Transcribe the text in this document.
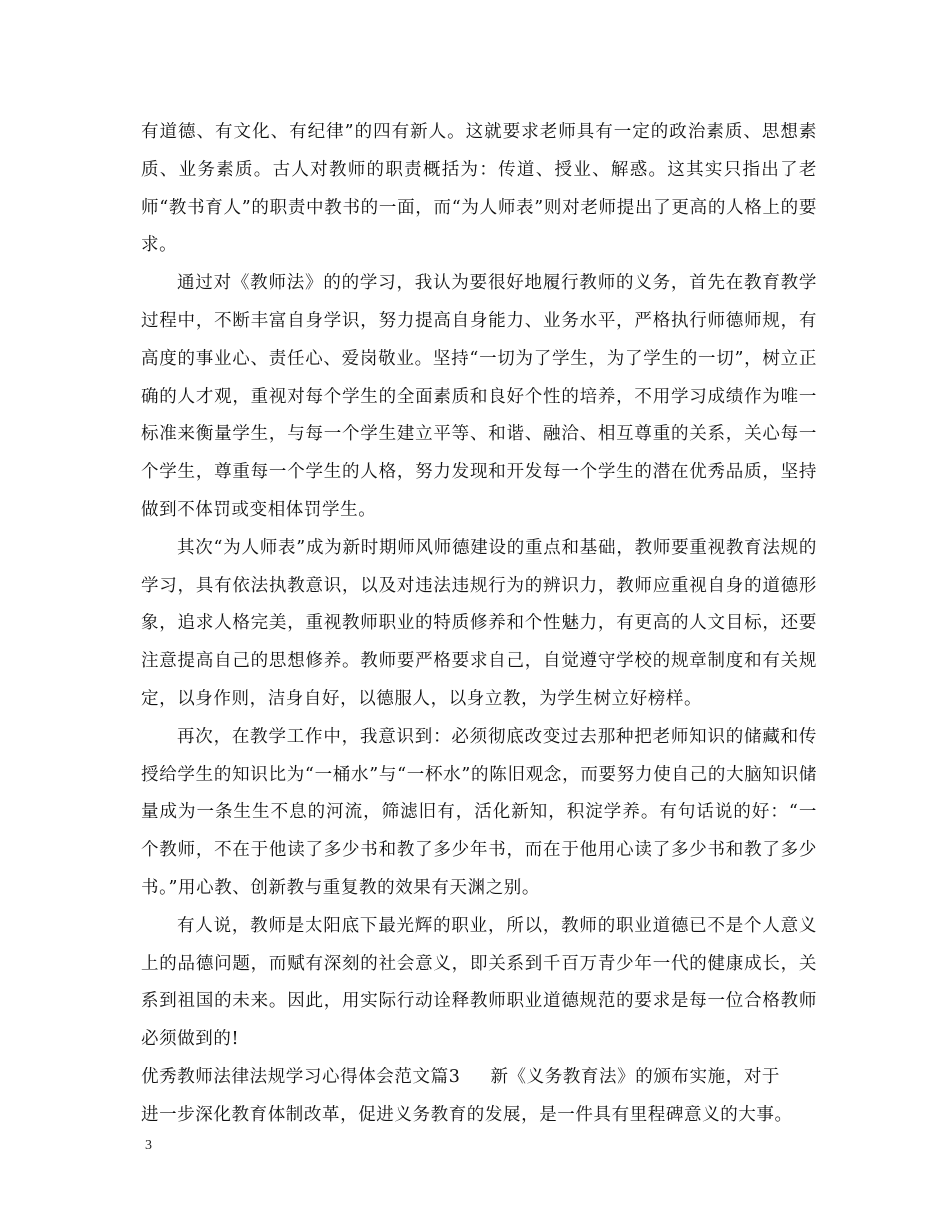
有道德、有文化、有纪律”的四有新人。这就要求老师具有一定的政治素质、思想素质、业务素质。古人对教师的职责概括为：传道、授业、解惑。这其实只指出了老师“教书育人”的职责中教书的一面，而“为人师表”则对老师提出了更高的人格上的要求。

通过对《教师法》的的学习，我认为要很好地履行教师的义务，首先在教育教学过程中，不断丰富自身学识，努力提高自身能力、业务水平，严格执行师德师规，有高度的事业心、责任心、爱岗敬业。坚持“一切为了学生，为了学生的一切”，树立正确的人才观，重视对每个学生的全面素质和良好个性的培养，不用学习成绩作为唯一标准来衡量学生，与每一个学生建立平等、和谐、融洽、相互尊重的关系，关心每一个学生，尊重每一个学生的人格，努力发现和开发每一个学生的潜在优秀品质，坚持做到不体罚或变相体罚学生。

其次“为人师表”成为新时期师风师德建设的重点和基础，教师要重视教育法规的学习，具有依法执教意识，以及对违法违规行为的辨识力，教师应重视自身的道德形象，追求人格完美，重视教师职业的特质修养和个性魅力，有更高的人文目标，还要注意提高自己的思想修养。教师要严格要求自己，自觉遵守学校的规章制度和有关规定，以身作则，洁身自好，以德服人，以身立教，为学生树立好榜样。

再次，在教学工作中，我意识到：必须彻底改变过去那种把老师知识的储藏和传授给学生的知识比为“一桶水”与“一杯水”的陈旧观念，而要努力使自己的大脑知识储量成为一条生生不息的河流，筛滤旧有，活化新知，积淀学养。有句话说的好：“一个教师，不在于他读了多少书和教了多少年书，而在于他用心读了多少书和教了多少书。”用心教、创新教与重复教的效果有天渊之别。

有人说，教师是太阳底下最光辉的职业，所以，教师的职业道德已不是个人意义上的品德问题，而赋有深刻的社会意义，即关系到千百万青少年一代的健康成长，关系到祖国的未来。因此，用实际行动诠释教师职业道德规范的要求是每一位合格教师必须做到的!

优秀教师法律法规学习心得体会范文篇3 新《义务教育法》的颁布实施，对于

进一步深化教育体制改革，促进义务教育的发展，是一件具有里程碑意义的大事。

3
